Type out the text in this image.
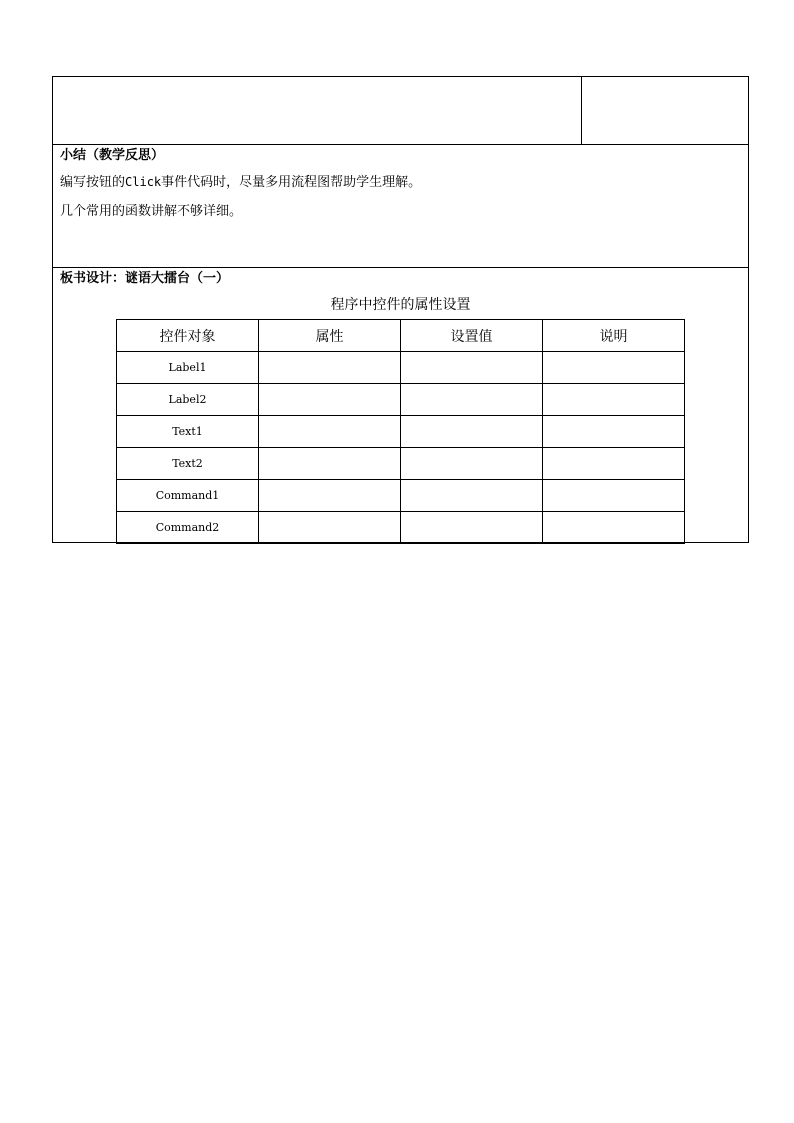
小结（教学反思）
编写按钮的Click事件代码时，尽量多用流程图帮助学生理解。
几个常用的函数讲解不够详细。

板书设计：谜语大擂台（一）
程序中控件的属性设置
控件对象	属性	设置值	说明
Label1			
Label2			
Text1			
Text2			
Command1			
Command2			
